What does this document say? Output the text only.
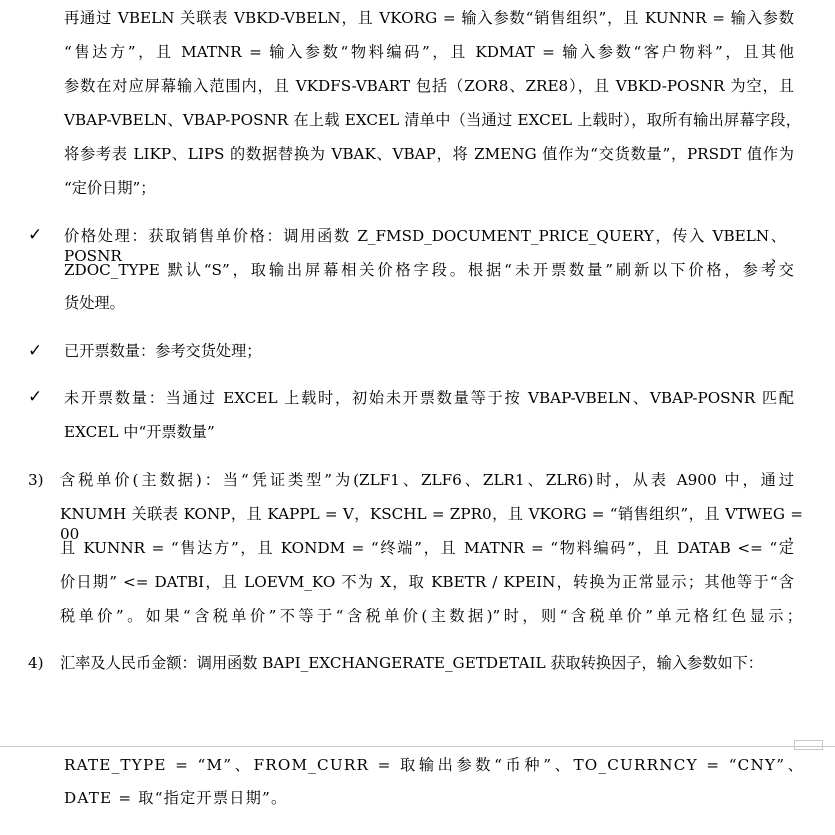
再通过 VBELN 关联表 VBKD-VBELN，且 VKORG = 输入参数“销售组织”，且 KUNNR = 输入参数
“售达方”，且 MATNR = 输入参数“物料编码”，且 KDMAT = 输入参数“客户物料”，且其他
参数在对应屏幕输入范围内，且 VKDFS-VBART 包括（ZOR8、ZRE8），且 VBKD-POSNR 为空，且
VBAP-VBELN、VBAP-POSNR 在上载 EXCEL 清单中（当通过 EXCEL 上载时），取所有输出屏幕字段，
将参考表 LIKP、LIPS 的数据替换为 VBAK、VBAP，将 ZMENG 值作为“交货数量”，PRSDT 值作为
“定价日期”；
✓ 价格处理：获取销售单价格：调用函数 Z_FMSD_DOCUMENT_PRICE_QUERY，传入 VBELN、POSNR、
ZDOC_TYPE 默认“S”，取输出屏幕相关价格字段。根据“未开票数量”刷新以下价格，参考交
货处理。
✓ 已开票数量：参考交货处理；
✓ 未开票数量：当通过 EXCEL 上载时，初始未开票数量等于按 VBAP-VBELN、VBAP-POSNR 匹配
EXCEL 中“开票数量”
3) 含税单价(主数据)：当“凭证类型”为(ZLF1、ZLF6、ZLR1、ZLR6)时，从表 A900 中，通过
KNUMH 关联表 KONP，且 KAPPL = V，KSCHL = ZPR0，且 VKORG = “销售组织”，且 VTWEG = 00，
且 KUNNR = “售达方”，且 KONDM = “终端”，且 MATNR = “物料编码”，且 DATAB <= “定
价日期” <= DATBI，且 LOEVM_KO 不为 X，取 KBETR / KPEIN，转换为正常显示；其他等于“含
税单价”。如果“含税单价”不等于“含税单价(主数据)”时，则“含税单价”单元格红色显示；
4) 汇率及人民币金额：调用函数 BAPI_EXCHANGERATE_GETDETAIL 获取转换因子，输入参数如下：
RATE_TYPE = “M”、FROM_CURR = 取输出参数“币种”、TO_CURRNCY = “CNY”、
DATE = 取“指定开票日期”。
